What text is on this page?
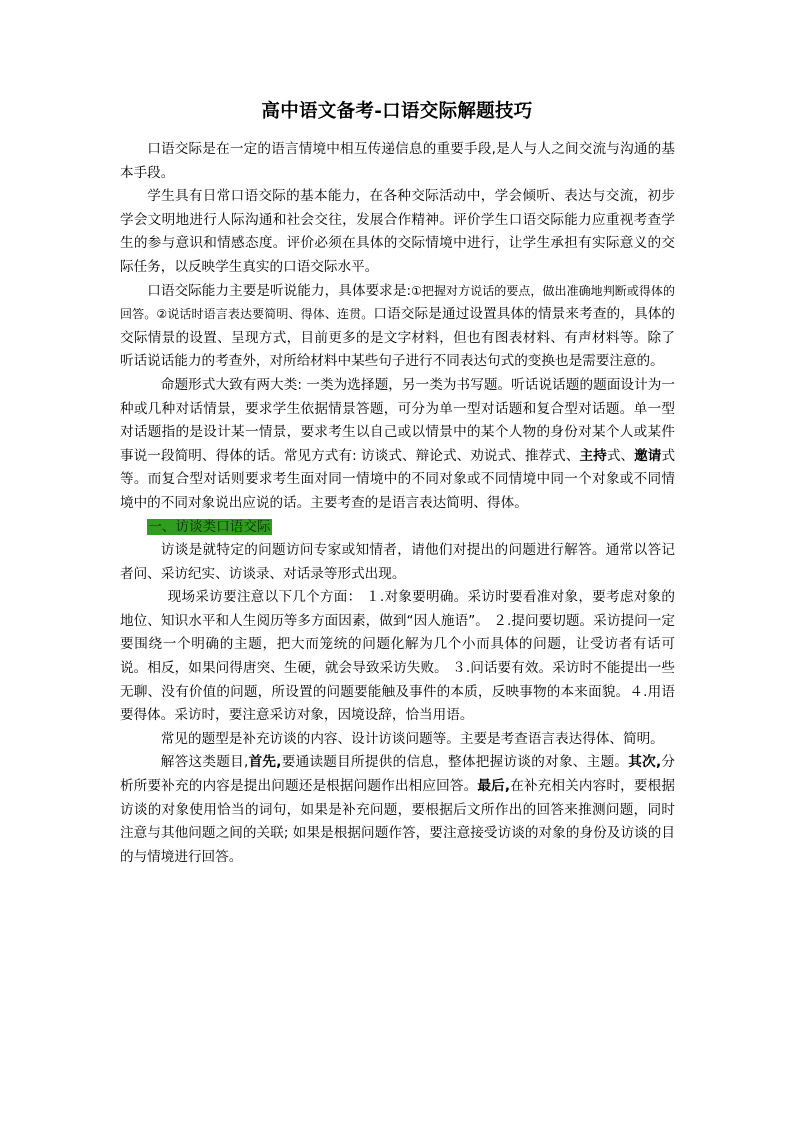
高中语文备考-口语交际解题技巧

口语交际是在一定的语言情境中相互传递信息的重要手段,是人与人之间交流与沟通的基本手段。

学生具有日常口语交际的基本能力，在各种交际活动中，学会倾听、表达与交流，初步学会文明地进行人际沟通和社会交往，发展合作精神。评价学生口语交际能力应重视考查学生的参与意识和情感态度。评价必须在具体的交际情境中进行，让学生承担有实际意义的交际任务，以反映学生真实的口语交际水平。

口语交际能力主要是听说能力，具体要求是:①把握对方说话的要点，做出准确地判断或得体的回答。②说话时语言表达要简明、得体、连贯。口语交际是通过设置具体的情景来考查的，具体的交际情景的设置、呈现方式，目前更多的是文字材料，但也有图表材料、有声材料等。除了听话说话能力的考查外，对所给材料中某些句子进行不同表达句式的变换也是需要注意的。

命题形式大致有两大类: 一类为选择题，另一类为书写题。听话说话题的题面设计为一种或几种对话情景，要求学生依据情景答题，可分为单一型对话题和复合型对话题。单一型对话题指的是设计某一情景，要求考生以自己或以情景中的某个人物的身份对某个人或某件事说一段简明、得体的话。常见方式有: 访谈式、辩论式、劝说式、推荐式、主持式、邀请式等。而复合型对话则要求考生面对同一情境中的不同对象或不同情境中同一个对象或不同情境中的不同对象说出应说的话。主要考查的是语言表达简明、得体。

一、访谈类口语交际

访谈是就特定的问题访问专家或知情者，请他们对提出的问题进行解答。通常以答记者问、采访纪实、访谈录、对话录等形式出现。

现场采访要注意以下几个方面： １.对象要明确。采访时要看准对象，要考虑对象的地位、知识水平和人生阅历等多方面因素，做到“因人施语”。 ２.提问要切题。采访提问一定要围绕一个明确的主题，把大而笼统的问题化解为几个小而具体的问题，让受访者有话可说。相反，如果问得唐突、生硬，就会导致采访失败。 ３.问话要有效。采访时不能提出一些无聊、没有价值的问题，所设置的问题要能触及事件的本质，反映事物的本来面貌。４.用语要得体。采访时，要注意采访对象，因境设辞，恰当用语。

常见的题型是补充访谈的内容、设计访谈问题等。主要是考查语言表达得体、简明。

解答这类题目,首先,要通读题目所提供的信息，整体把握访谈的对象、主题。其次,分析所要补充的内容是提出问题还是根据问题作出相应回答。最后,在补充相关内容时，要根据访谈的对象使用恰当的词句，如果是补充问题，要根据后文所作出的回答来推测问题，同时注意与其他问题之间的关联; 如果是根据问题作答，要注意接受访谈的对象的身份及访谈的目的与情境进行回答。
